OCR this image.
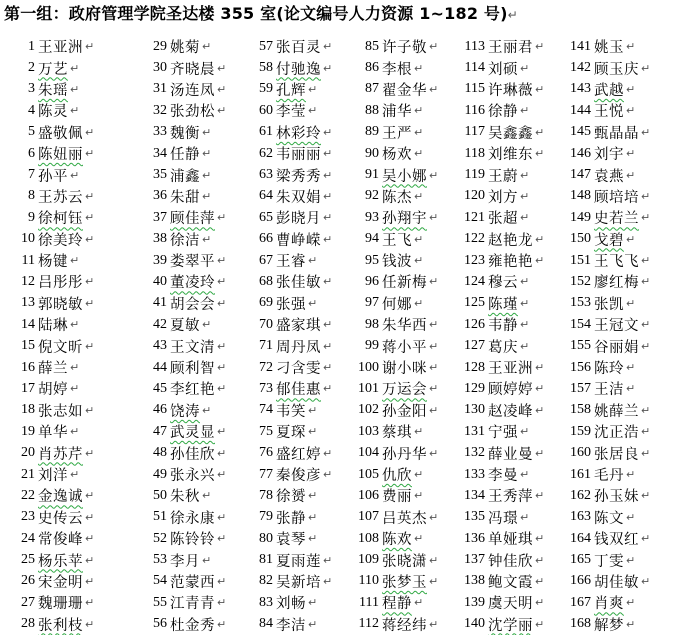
第一组：政府管理学院圣达楼 355 室(论文编号人力资源 1~182 号)↵
1 王亚洲 ↵
2 万艺 ↵
3 朱瑶 ↵
4 陈灵 ↵
5 盛敬佩 ↵
6 陈妞丽 ↵
7 孙平 ↵
8 王苏云 ↵
9 徐柯钰 ↵
10 徐美玲 ↵
11 杨键 ↵
12 吕彤彤 ↵
13 郭晓敏 ↵
14 陆琳 ↵
15 倪文昕 ↵
16 薛兰 ↵
17 胡婷 ↵
18 张志如 ↵
19 单华 ↵
20 肖苏芹 ↵
21 刘洋 ↵
22 金逸诚 ↵
23 史传云 ↵
24 常俊峰 ↵
25 杨乐苹 ↵
26 宋金明 ↵
27 魏珊珊 ↵
28 张利枝 ↵
29 姚菊 ↵
30 齐晓晨 ↵
31 汤连凤 ↵
32 张劲松 ↵
33 魏衡 ↵
34 任静 ↵
35 浦鑫 ↵
36 朱甜 ↵
37 顾佳萍 ↵
38 徐洁 ↵
39 娄翠平 ↵
40 董凌玲 ↵
41 胡会会 ↵
42 夏敏 ↵
43 王文清 ↵
44 顾利智 ↵
45 李红艳 ↵
46 饶涛 ↵
47 武灵显 ↵
48 孙佳欣 ↵
49 张永兴 ↵
50 朱秋 ↵
51 徐永康 ↵
52 陈铃铃 ↵
53 李月 ↵
54 范蒙西 ↵
55 江青青 ↵
56 杜金秀 ↵
57 张百灵 ↵
58 付驰逸 ↵
59 孔辉 ↵
60 李莹 ↵
61 林彩玲 ↵
62 韦丽丽 ↵
63 梁秀秀 ↵
64 朱双娟 ↵
65 彭晓月 ↵
66 曹峥嵘 ↵
67 王睿 ↵
68 张佳敏 ↵
69 张强 ↵
70 盛家琪 ↵
71 周丹凤 ↵
72 刁含雯 ↵
73 郁佳惠 ↵
74 韦笑 ↵
75 夏琛 ↵
76 盛红婷 ↵
77 秦俊彦 ↵
78 徐赟 ↵
79 张静 ↵
80 袁琴 ↵
81 夏雨莲 ↵
82 吴新培 ↵
83 刘畅 ↵
84 李洁 ↵
85 许子敬 ↵
86 李根 ↵
87 翟金华 ↵
88 浦华 ↵
89 王严 ↵
90 杨欢 ↵
91 吴小娜 ↵
92 陈杰 ↵
93 孙翔宇 ↵
94 王飞 ↵
95 钱波 ↵
96 任新梅 ↵
97 何娜 ↵
98 朱华西 ↵
99 蒋小平 ↵
100 谢小咪 ↵
101 万运会 ↵
102 孙金阳 ↵
103 蔡琪 ↵
104 孙丹华 ↵
105 仇欣 ↵
106 费丽 ↵
107 吕英杰 ↵
108 陈欢 ↵
109 张晓潇 ↵
110 张梦玉 ↵
111 程静 ↵
112 蒋经纬 ↵
113 王丽君 ↵
114 刘硕 ↵
115 许琳薇 ↵
116 徐静 ↵
117 吴鑫鑫 ↵
118 刘维东 ↵
119 王蔚 ↵
120 刘方 ↵
121 张超 ↵
122 赵艳龙 ↵
123 雍艳艳 ↵
124 穆云 ↵
125 陈瑾 ↵
126 韦静 ↵
127 葛庆 ↵
128 王亚洲 ↵
129 顾婷婷 ↵
130 赵凌峰 ↵
131 宁强 ↵
132 薛业曼 ↵
133 李曼 ↵
134 王秀萍 ↵
135 冯璟 ↵
136 单娅琪 ↵
137 钟佳欣 ↵
138 鲍文霞 ↵
139 虞天明 ↵
140 沈学丽 ↵
141 姚玉 ↵
142 顾玉庆 ↵
143 武越 ↵
144 王悦 ↵
145 甄晶晶 ↵
146 刘宇 ↵
147 袁燕 ↵
148 顾培培 ↵
149 史若兰 ↵
150 戈碧 ↵
151 王飞飞 ↵
152 廖红梅 ↵
153 张凯 ↵
154 王冠文 ↵
155 谷丽娟 ↵
156 陈玲 ↵
157 王洁 ↵
158 姚薛兰 ↵
159 沈正浩 ↵
160 张居良 ↵
161 毛丹 ↵
162 孙玉妹 ↵
163 陈文 ↵
164 钱双红 ↵
165 丁雯 ↵
166 胡佳敏 ↵
167 肖爽 ↵
168 解梦 ↵
